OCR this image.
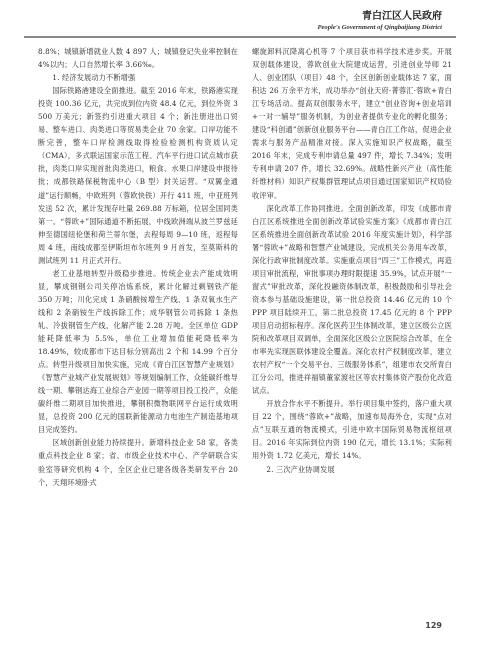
青白江区人民政府
People's Government of Qingbaijiang District

8.8%；城镇新增就业人数 4 897 人；城镇登记失业率控制在 4%以内；人口自然增长率 3.66‰。

1. 经济发展动力不断增强

国际铁路港建设全面推进。截至 2016 年末，铁路港实现投资 100.36 亿元，共完成到位内资 48.4 亿元，到位外资 3 500 万美元；新签约引进重大项目 4 个；新注册进出口贸易、整车进口、肉类进口等贸易类企业 70 余家。口岸功能不断完善，整车口岸检测线取得检验检测机构资质认定（CMA），多式联运国家示范工程、汽车平行进口试点城市获批，肉类口岸实现首批肉类进口，粮食、水果口岸建设申报待批；成都铁路保税物流中心（B 型）封关运营。“双翼金通道”运行顺畅，中欧班列（蓉欧快铁）开行 411 班，中亚班列发送 52 次，累计发现存吐量 269.88 万标箱，位居全国同类第一。“蓉欧+”国际通道不断拓展，中线欧洲端从波兰罗兹延伸至德国纽伦堡和荷兰蒂尔堡，去程每周 9—10 班，返程每周 4 班，南线成都至伊斯坦布尔班列 9 月首发，至莫斯科的测试班列 11 月正式开行。

老工业基地转型升级稳步推进。传统企业去产能成效明显，攀成钢钢公司关停冶炼系统，累计化解过剩钢铁产能 350 万吨；川化完成 1 条硝酸铵增生产线、1 条双氧水生产线和 2 条硝铵生产线拆除工作；成华钢管公司拆除 1 条热轧、冷拔钢管生产线，化解产能 2.28 万吨。全区单位 GDP 能耗降低率为 5.5%，单位工业增加值能耗降低率为 18.49%，较成都市下达目标分别高出 2 个和 14.99 个百分点。转型升级项目加快实施，完成《青白江区智慧产业规划》《智慧产业城产业发展规划》等规划编制工作，众能碳纤维导线一期、攀钢达海工业综合产业园一期等项目投工投产，众能碳纤维二期项目加快推进，攀钢积微物联网平台运行成效明显，总投资 200 亿元的国联新能源动力电池生产制造基地项目完成签约。

区域创新创业能力持续提升。新增科技企业 58 家，各类重点科技企业 8 家；省、市级企业技术中心、产学研联合实验室等研究机构 4 个，全区企业已建各级各类研发平台 20 个，天翔环境卧式

螺旋卸料沉降离心机等 7 个项目获市科学技术进步奖。开展双创载体建设，蓉欧创业大院建成运营，引进创业导师 21 人、创业团队（项目）48 个，全区创新创业载体达 7 家，面积达 26 万余平方米，成功举办“创业天府·菁蓉汇·蓉欧+青白江专场活动。提高双创服务水平，建立“创业咨询+创业培训+一对一辅导”服务机制，为创业者提供专业化的孵化服务；建设“科创通”创新创业服务平台——青白江工作站，促进企业需求与服务产品精准对接。深入实施知识产权战略，截至 2016 年末，完成专利申请总量 497 件，增长 7.34%；发明专利申请 207 件，增长 32.69%。战略性新兴产业（高性能纤维材料）知识产权集群管理试点项目通过国家知识产权局验收评审。

深化改革工作协同推进。全面创新改革，印发《成都市青白江区系统推进全面创新改革试验实施方案》《成都市青白江区系统推进全面创新改革试验 2016 年度实施计划》，科学部署“蓉欧+”战略和智慧产业城建设，完成机关公务用车改革，深化行政审批制度改革。实施重点项目“四三”工作模式，再造项目审批流程，审批事项办理时限提速 35.9%，试点开展“一窗式”审批改革，深化投融资体制改革，积极鼓励和引导社会资本参与基础设施建设，第一批总投资 14.46 亿元的 10 个 PPP 项目陆续开工，第二批总投资 17.45 亿元的 8 个 PPP 项目启动招标程序。深化医药卫生体制改革，建立区级公立医院和改革项目双调单，全面深化区级公立医院综合改革，在全市率先实现医联体建设全覆盖。深化农村产权制度改革，建立农村产权“一个交易平台、三级服务体系”，组建市农交所青白江分公司，推进祥福镇董家渡社区等农村集体资产股份化改造试点。

开放合作水平不断提升。举行项目集中签约，落户重大项目 22 个，围绕“蓉欧+”战略，加速布局海外仓，实现“点对点”互联互通的物流模式，引进中欧丰国际贸易物流枢纽项目。2016 年实际到位内资 190 亿元，增长 13.1%；实际利用外资 1.72 亿美元，增长 14%。

2. 三次产业协调发展

129
